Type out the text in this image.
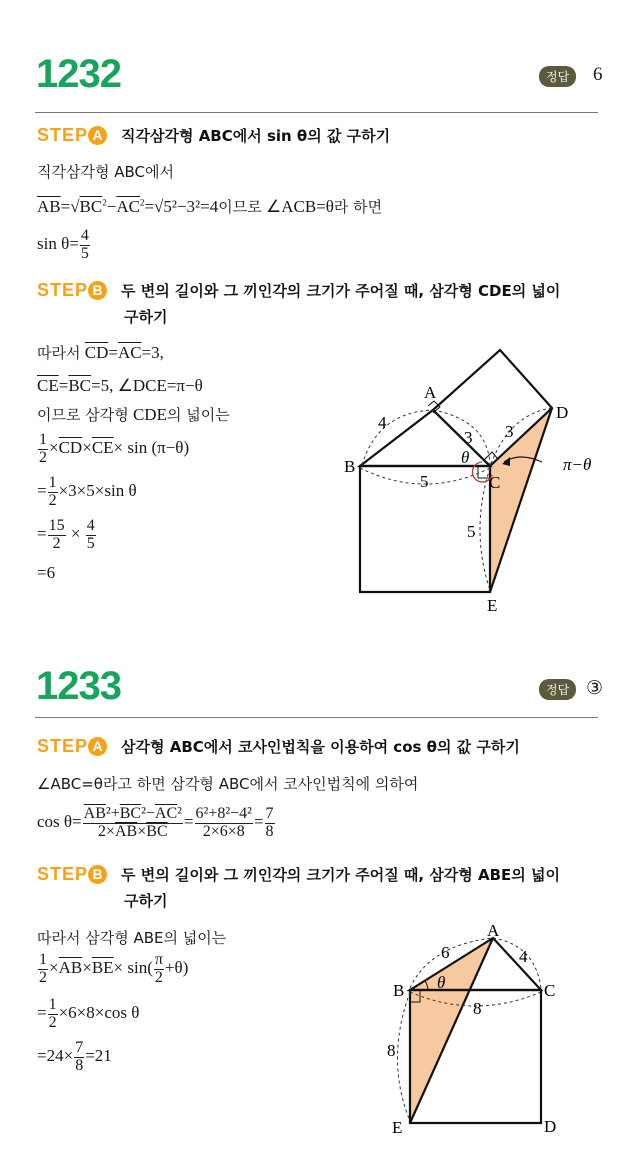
1232	정답	6
STEP A 직각삼각형 ABC에서 sin θ의 값 구하기
직각삼각형 ABC에서
$\overline{AB}=√BC^2-\overline{AC}^2=√5^2-3^2=4$이므로 ∠ACB=θ라 하면
$\sin \theta= \frac{4}{5}$
STEP B 두 변의 길이와 그 끼인각의 크기가 주어질 때, 삼각형 CDE의 넓이
구하기
따라서 $\overline{CD}=\overline{AC}=3$,
$\overline{CE}=\overline{BC}=5$, ∠DCE=π−θ
이므로 삼각형 CDE의 넓이는
$\frac{1}{2} \times\overline{CD}\times\overline{CE}\times \sin (\pi-\theta)$
= $\frac{1}{2} \times 3\times 5\times\sin$ θ
= $\frac{15}{2} \times \frac{4}{5}$
=6
A
B
C
D
E
4
3 3
5
5
θ	π−θ
1233	정답 ③
STEP A 삼각형 ABC에서 코사인법칙을 이용하여 cos θ의 값 구하기
∠ABC=θ라고 하면 삼각형 ABC에서 코사인법칙에 의하여
$\cos \theta= \frac{\overline{AB}^2+\overline{BC}^2-\overline{AC}^2}{2\times\overline{AB}\times\overline{BC}} = \frac{\text{6²+8²−4²}}{2\times 6\times 8} = \frac{7}{8}$
STEP B 두 변의 길이와 그 끼인각의 크기가 주어질 때, 삼각형 ABE의 넓이
구하기
따라서 삼각형 ABE의 넓이는
$\frac{1}{2} \times\overline{AB}\times\overline{BE}\times \sin( \frac{\pi}{2} +\theta)$
= $\frac{1}{2} \times 6\times 8\times\cos$ θ
$=24\times \frac{7}{8} =21$
A
B	C
D
E
6	4
8
8
θ
